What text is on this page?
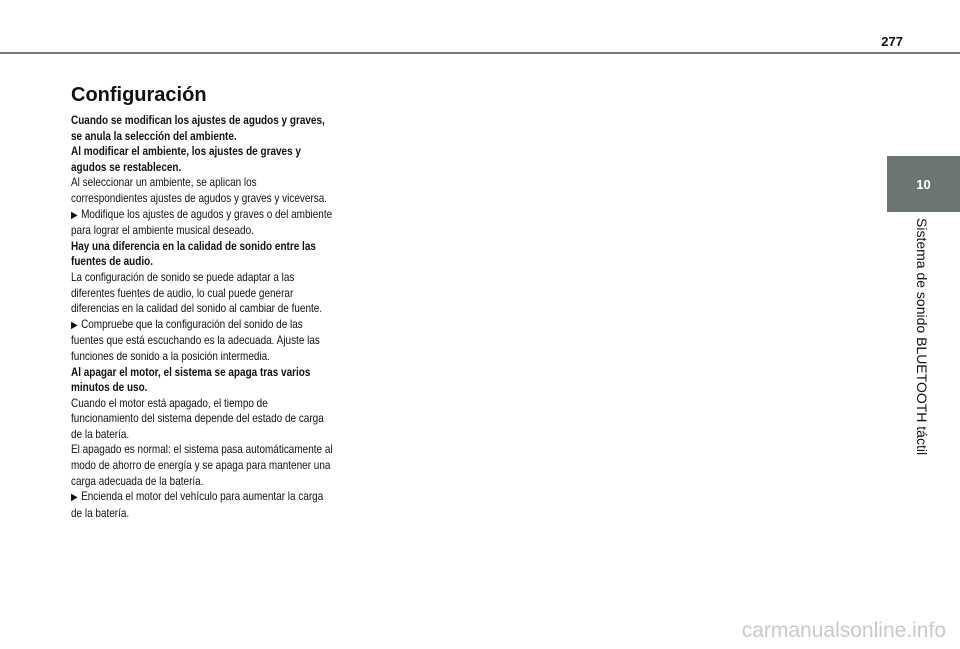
277
10
Sistema de sonido BLUETOOTH táctil
Configuración

Cuando se modifican los ajustes de agudos y graves, se anula la selección del ambiente.

Al modificar el ambiente, los ajustes de graves y agudos se restablecen.

Al seleccionar un ambiente, se aplican los correspondientes ajustes de agudos y graves y viceversa.

▶ Modifique los ajustes de agudos y graves o del ambiente para lograr el ambiente musical deseado.

Hay una diferencia en la calidad de sonido entre las fuentes de audio.

La configuración de sonido se puede adaptar a las diferentes fuentes de audio, lo cual puede generar diferencias en la calidad del sonido al cambiar de fuente.

▶ Compruebe que la configuración del sonido de las fuentes que está escuchando es la adecuada. Ajuste las funciones de sonido a la posición intermedia.

Al apagar el motor, el sistema se apaga tras varios minutos de uso.

Cuando el motor está apagado, el tiempo de funcionamiento del sistema depende del estado de carga de la batería.

El apagado es normal: el sistema pasa automáticamente al modo de ahorro de energía y se apaga para mantener una carga adecuada de la batería.

▶ Encienda el motor del vehículo para aumentar la carga de la batería.

carmanualsonline.info
